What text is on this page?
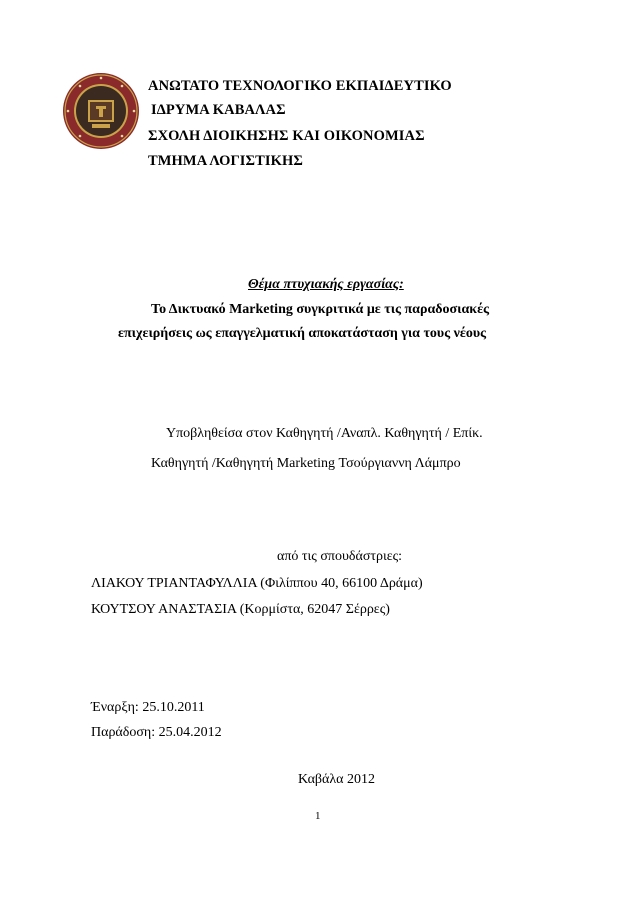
ΑΝΩΤΑΤΟ ΤΕΧΝΟΛΟΓΙΚΟ ΕΚΠΑΙΔΕΥΤΙΚΟ
ΙΔΡΥΜΑ ΚΑΒΑΛΑΣ
ΣΧΟΛΗ ΔΙΟΙΚΗΣΗΣ ΚΑΙ ΟΙΚΟΝΟΜΙΑΣ
ΤΜΗΜΑ ΛΟΓΙΣΤΙΚΗΣ
Θέμα πτυχιακής εργασίας:
Το Δικτυακό Marketing συγκριτικά με τις παραδοσιακές
επιχειρήσεις ως επαγγελματική αποκατάσταση για τους νέους
Υποβληθείσα στον Καθηγητή /Αναπλ. Καθηγητή / Επίκ.
Καθηγητή /Καθηγητή Marketing Τσούργιαννη Λάμπρο
από τις σπουδάστριες:
ΛΙΑΚΟΥ ΤΡΙΑΝΤΑΦΥΛΛΙΑ (Φιλίππου 40, 66100 Δράμα)
ΚΟΥΤΣΟΥ ΑΝΑΣΤΑΣΙΑ (Κορμίστα, 62047 Σέρρες)
Έναρξη: 25.10.2011
Παράδοση: 25.04.2012
Καβάλα 2012
1
